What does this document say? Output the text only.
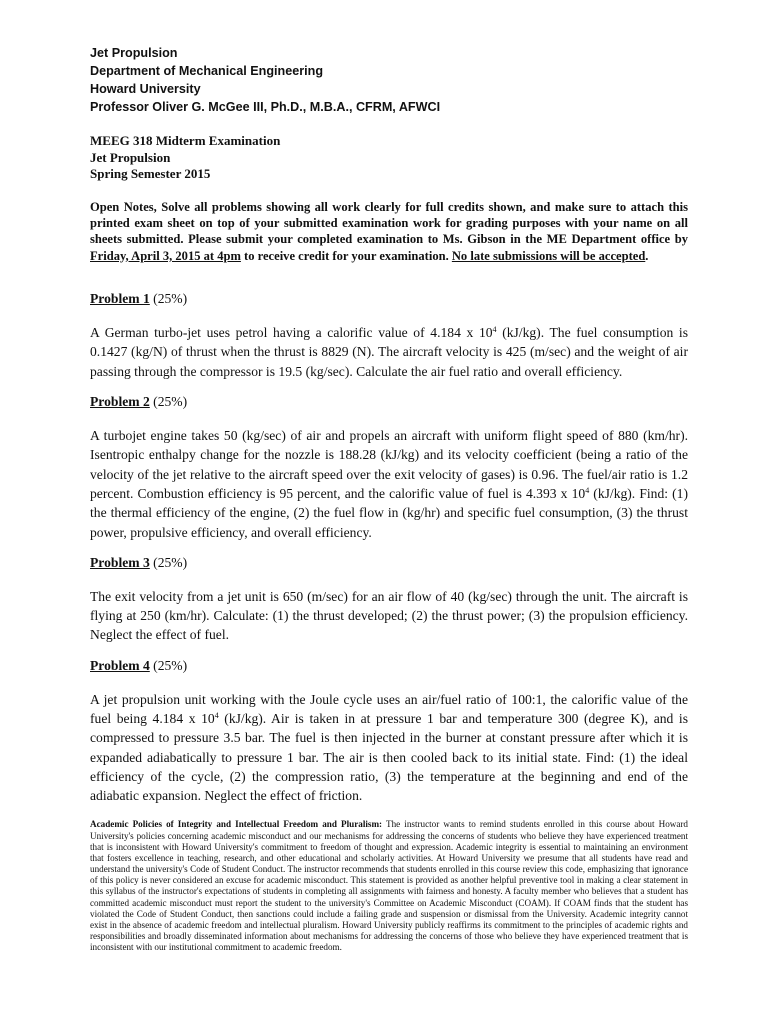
Jet Propulsion
Department of Mechanical Engineering
Howard University
Professor Oliver G. McGee III, Ph.D., M.B.A., CFRM, AFWCI
MEEG 318 Midterm Examination
Jet Propulsion
Spring Semester 2015
Open Notes, Solve all problems showing all work clearly for full credits shown, and make sure to attach this printed exam sheet on top of your submitted examination work for grading purposes with your name on all sheets submitted. Please submit your completed examination to Ms. Gibson in the ME Department office by Friday, April 3, 2015 at 4pm to receive credit for your examination. No late submissions will be accepted.
Problem 1 (25%)
A German turbo-jet uses petrol having a calorific value of 4.184 x $10^4$ (kJ/kg). The fuel consumption is 0.1427 (kg/N) of thrust when the thrust is 8829 (N). The aircraft velocity is 425 (m/sec) and the weight of air passing through the compressor is 19.5 (kg/sec). Calculate the air fuel ratio and overall efficiency.
Problem 2 (25%)
A turbojet engine takes 50 (kg/sec) of air and propels an aircraft with uniform flight speed of 880 (km/hr). Isentropic enthalpy change for the nozzle is 188.28 (kJ/kg) and its velocity coefficient (being a ratio of the velocity of the jet relative to the aircraft speed over the exit velocity of gases) is 0.96. The fuel/air ratio is 1.2 percent. Combustion efficiency is 95 percent, and the calorific value of fuel is 4.393 x $10^4$ (kJ/kg). Find: (1) the thermal efficiency of the engine, (2) the fuel flow in (kg/hr) and specific fuel consumption, (3) the thrust power, propulsive efficiency, and overall efficiency.
Problem 3 (25%)
The exit velocity from a jet unit is 650 (m/sec) for an air flow of 40 (kg/sec) through the unit. The aircraft is flying at 250 (km/hr). Calculate: (1) the thrust developed; (2) the thrust power; (3) the propulsion efficiency. Neglect the effect of fuel.
Problem 4 (25%)
A jet propulsion unit working with the Joule cycle uses an air/fuel ratio of 100:1, the calorific value of the fuel being 4.184 x $10^4$ (kJ/kg). Air is taken in at pressure 1 bar and temperature 300 (degree K), and is compressed to pressure 3.5 bar. The fuel is then injected in the burner at constant pressure after which it is expanded adiabatically to pressure 1 bar. The air is then cooled back to its initial state. Find: (1) the ideal efficiency of the cycle, (2) the compression ratio, (3) the temperature at the beginning and end of the adiabatic expansion. Neglect the effect of friction.
Academic Policies of Integrity and Intellectual Freedom and Pluralism: The instructor wants to remind students enrolled in this course about Howard University's policies concerning academic misconduct and our mechanisms for addressing the concerns of students who believe they have experienced treatment that is inconsistent with Howard University's commitment to freedom of thought and expression. Academic integrity is essential to maintaining an environment that fosters excellence in teaching, research, and other educational and scholarly activities. At Howard University we presume that all students have read and understand the university's Code of Student Conduct. The instructor recommends that students enrolled in this course review this code, emphasizing that ignorance of this policy is never considered an excuse for academic misconduct. This statement is provided as another helpful preventive tool in making a clear statement in this syllabus of the instructor's expectations of students in completing all assignments with fairness and honesty. A faculty member who believes that a student has committed academic misconduct must report the student to the university's Committee on Academic Misconduct (COAM). If COAM finds that the student has violated the Code of Student Conduct, then sanctions could include a failing grade and suspension or dismissal from the University. Academic integrity cannot exist in the absence of academic freedom and intellectual pluralism. Howard University publicly reaffirms its commitment to the principles of academic rights and responsibilities and broadly disseminated information about mechanisms for addressing the concerns of those who believe they have experienced treatment that is inconsistent with our institutional commitment to academic freedom.
